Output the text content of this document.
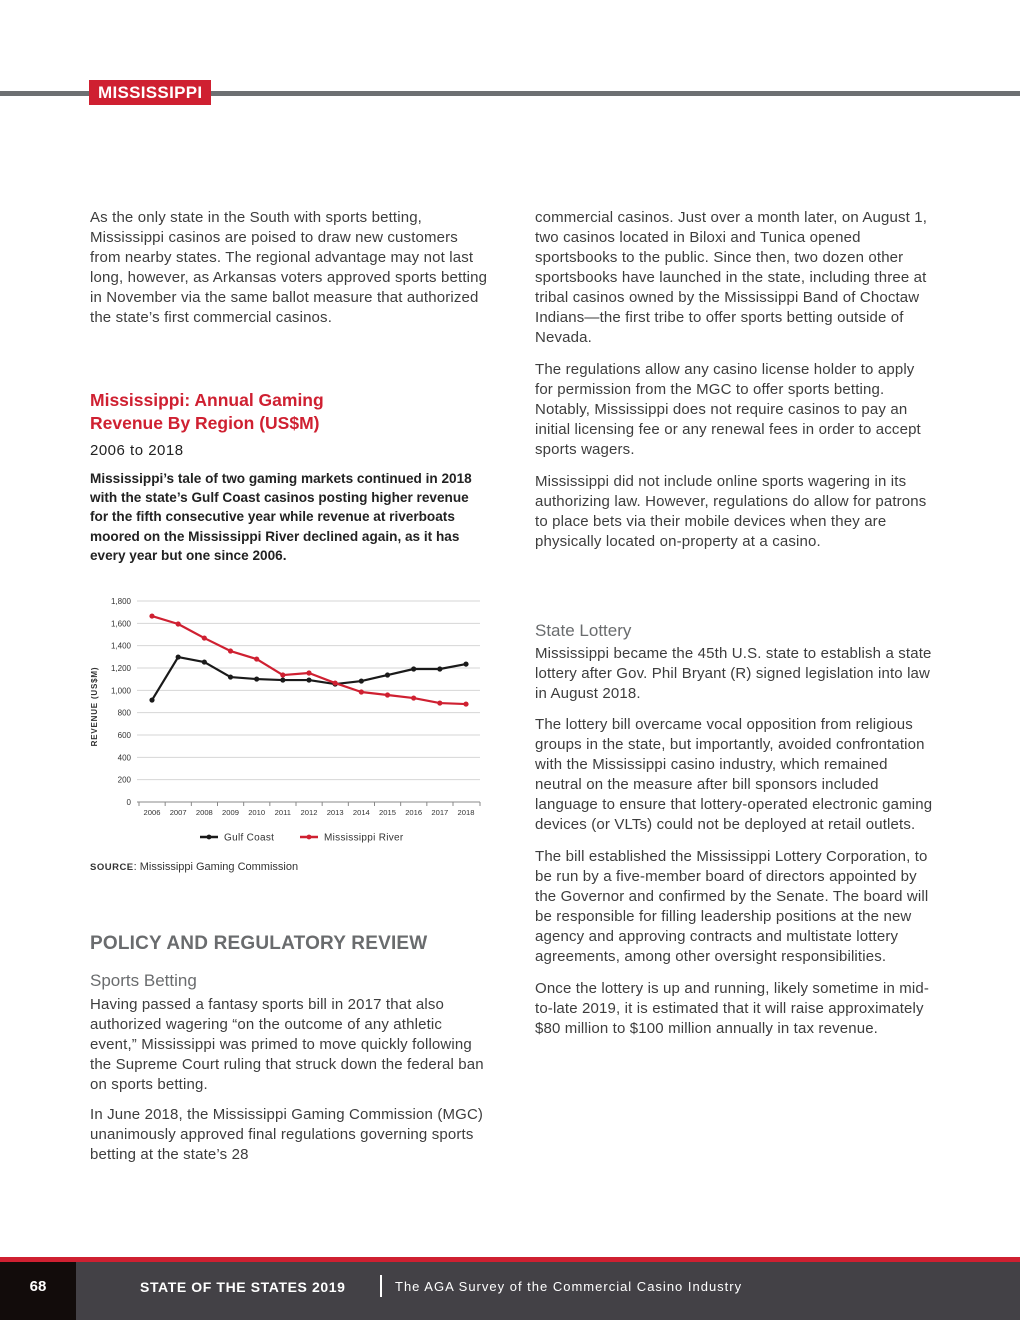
MISSISSIPPI

As the only state in the South with sports betting, Mississippi casinos are poised to draw new customers from nearby states. The regional advantage may not last long, however, as Arkansas voters approved sports betting in November via the same ballot measure that authorized the state’s first commercial casinos.

Mississippi: Annual Gaming

Revenue By Region (US$M)

2006 to 2018

Mississippi’s tale of two gaming markets continued in 2018 with the state’s Gulf Coast casinos posting higher revenue for the fifth consecutive year while revenue at riverboats moored on the Mississippi River declined again, as it has every year but one since 2006.

0
200
400
600
800
1,000
1,200
1,400
1,600
1,800
2006 2007 2008 2009 2010 2011 2012 2013 2014 2015 2016 2017 2018
REVENUE (US$M)
Gulf Coast	Mississippi River
SOURCE: Mississippi Gaming Commission

POLICY AND REGULATORY REVIEW

Sports Betting

Having passed a fantasy sports bill in 2017 that also authorized wagering “on the outcome of any athletic event,” Mississippi was primed to move quickly following the Supreme Court ruling that struck down the federal ban on sports betting.

In June 2018, the Mississippi Gaming Commission (MGC) unanimously approved final regulations governing sports betting at the state’s 28

commercial casinos. Just over a month later, on August 1, two casinos located in Biloxi and Tunica opened sportsbooks to the public. Since then, two dozen other sportsbooks have launched in the state, including three at tribal casinos owned by the Mississippi Band of Choctaw Indians—the first tribe to offer sports betting outside of Nevada.

The regulations allow any casino license holder to apply for permission from the MGC to offer sports betting. Notably, Mississippi does not require casinos to pay an initial licensing fee or any renewal fees in order to accept sports wagers.

Mississippi did not include online sports wagering in its authorizing law. However, regulations do allow for patrons to place bets via their mobile devices when they are physically located on-property at a casino.

State Lottery

Mississippi became the 45th U.S. state to establish a state lottery after Gov. Phil Bryant (R) signed legislation into law in August 2018.

The lottery bill overcame vocal opposition from religious groups in the state, but importantly, avoided confrontation with the Mississippi casino industry, which remained neutral on the measure after bill sponsors included language to ensure that lottery-operated electronic gaming devices (or VLTs) could not be deployed at retail outlets.

The bill established the Mississippi Lottery Corporation, to be run by a five-member board of directors appointed by the Governor and confirmed by the Senate. The board will be responsible for filling leadership positions at the new agency and approving contracts and multistate lottery agreements, among other oversight responsibilities.

Once the lottery is up and running, likely sometime in mid-to-late 2019, it is estimated that it will raise approximately $80 million to $100 million annually in tax revenue.

68	STATE OF THE STATES 2019	The AGA Survey of the Commercial Casino Industry
